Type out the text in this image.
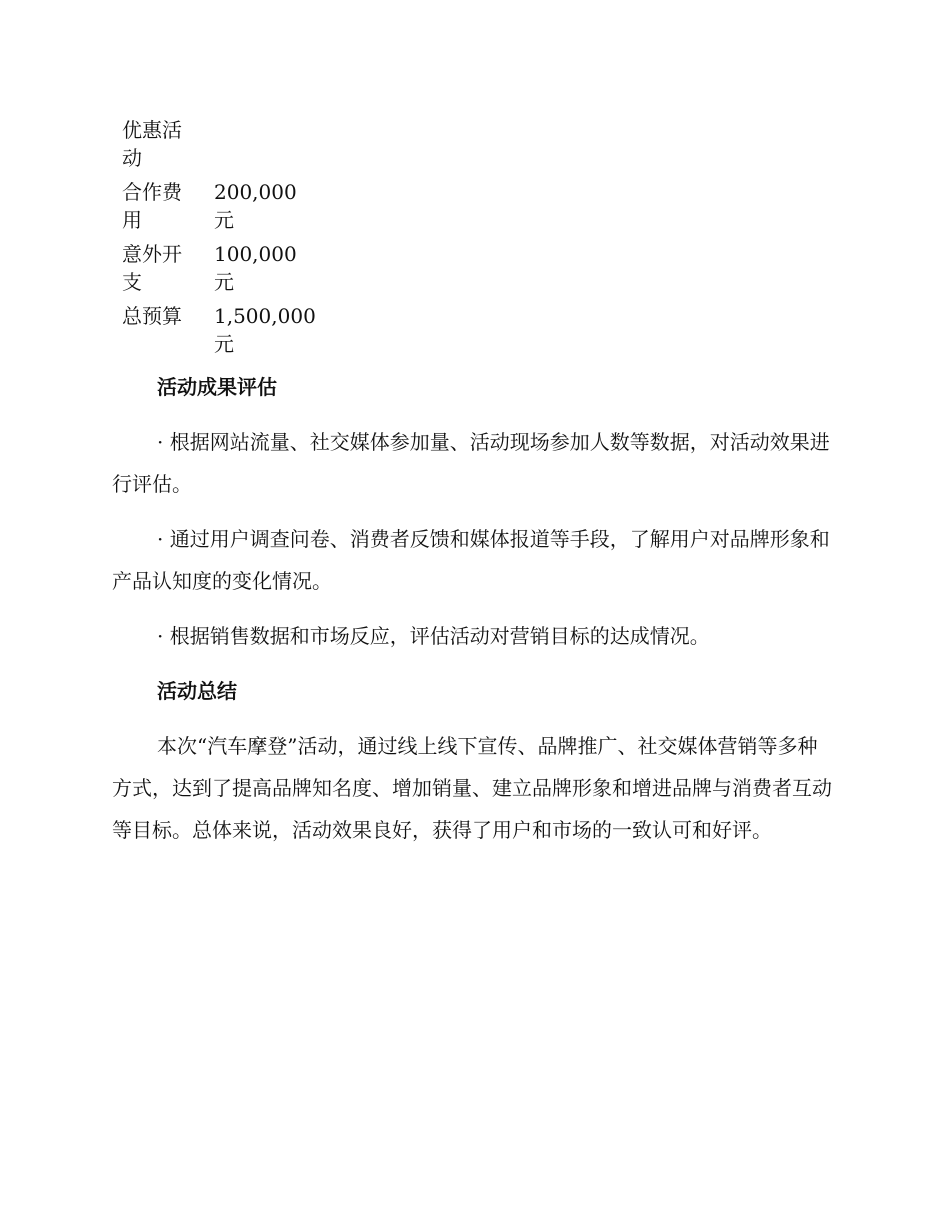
优惠活动	
合作费用	200,000 元
意外开支	100,000 元
总预算	1,500,000 元
活动成果评估

· 根据网站流量、社交媒体参加量、活动现场参加人数等数据，对活动效果进行评估。

· 通过用户调查问卷、消费者反馈和媒体报道等手段，了解用户对品牌形象和产品认知度的变化情况。

· 根据销售数据和市场反应，评估活动对营销目标的达成情况。

活动总结

本次“汽车摩登”活动，通过线上线下宣传、品牌推广、社交媒体营销等多种方式，达到了提高品牌知名度、增加销量、建立品牌形象和增进品牌与消费者互动等目标。总体来说，活动效果良好，获得了用户和市场的一致认可和好评。
